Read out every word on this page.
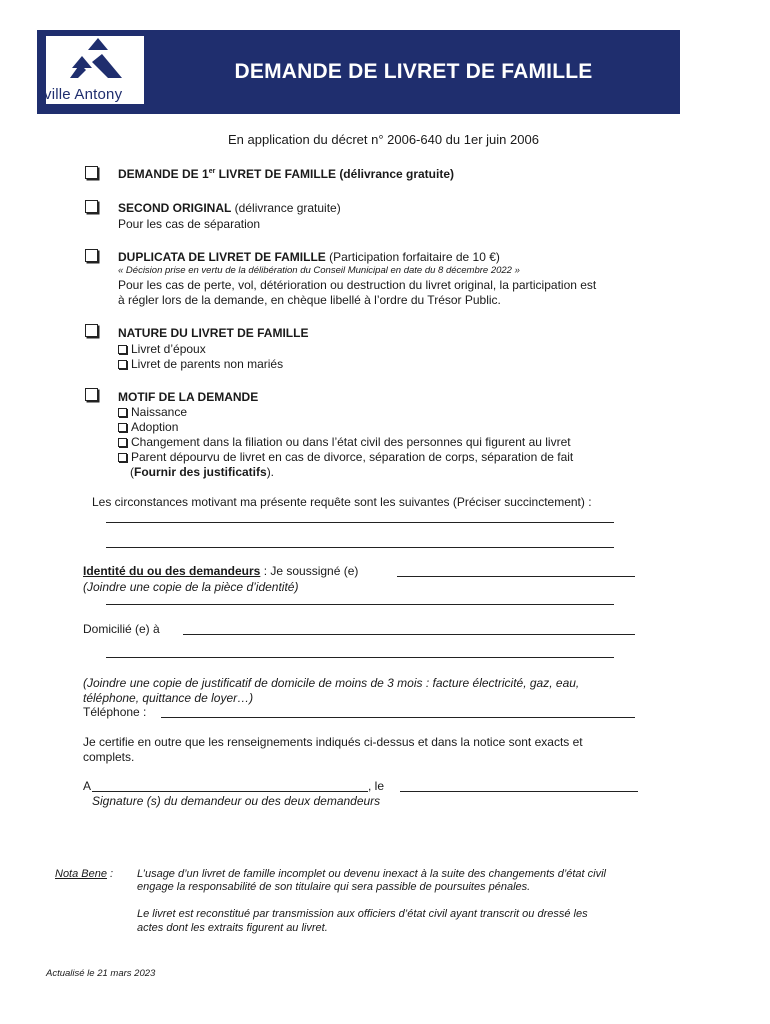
ville Antony
DEMANDE DE LIVRET DE FAMILLE
En application du décret n° 2006-640 du 1er juin 2006
DEMANDE DE 1er LIVRET DE FAMILLE (délivrance gratuite)
SECOND ORIGINAL (délivrance gratuite)
Pour les cas de séparation
DUPLICATA DE LIVRET DE FAMILLE (Participation forfaitaire de 10 €)
« Décision prise en vertu de la délibération du Conseil Municipal en date du 8 décembre 2022 »
Pour les cas de perte, vol, détérioration ou destruction du livret original, la participation est
à régler lors de la demande, en chèque libellé à l’ordre du Trésor Public.
NATURE DU LIVRET DE FAMILLE
Livret d’époux
Livret de parents non mariés
MOTIF DE LA DEMANDE
Naissance
Adoption
Changement dans la filiation ou dans l’état civil des personnes qui figurent au livret
Parent dépourvu de livret en cas de divorce, séparation de corps, séparation de fait
(Fournir des justificatifs).
Les circonstances motivant ma présente requête sont les suivantes (Préciser succinctement) :
Identité du ou des demandeurs : Je soussigné (e)
(Joindre une copie de la pièce d’identité)
Domicilié (e) à
(Joindre une copie de justificatif de domicile de moins de 3 mois : facture électricité, gaz, eau,
téléphone, quittance de loyer…)
Téléphone :
Je certifie en outre que les renseignements indiqués ci-dessus et dans la notice sont exacts et
complets.
A	, le
Signature (s) du demandeur ou des deux demandeurs
Nota Bene : L’usage d’un livret de famille incomplet ou devenu inexact à la suite des changements d’état civil
engage la responsabilité de son titulaire qui sera passible de poursuites pénales.
Le livret est reconstitué par transmission aux officiers d’état civil ayant transcrit ou dressé les
actes dont les extraits figurent au livret.
Actualisé le 21 mars 2023
